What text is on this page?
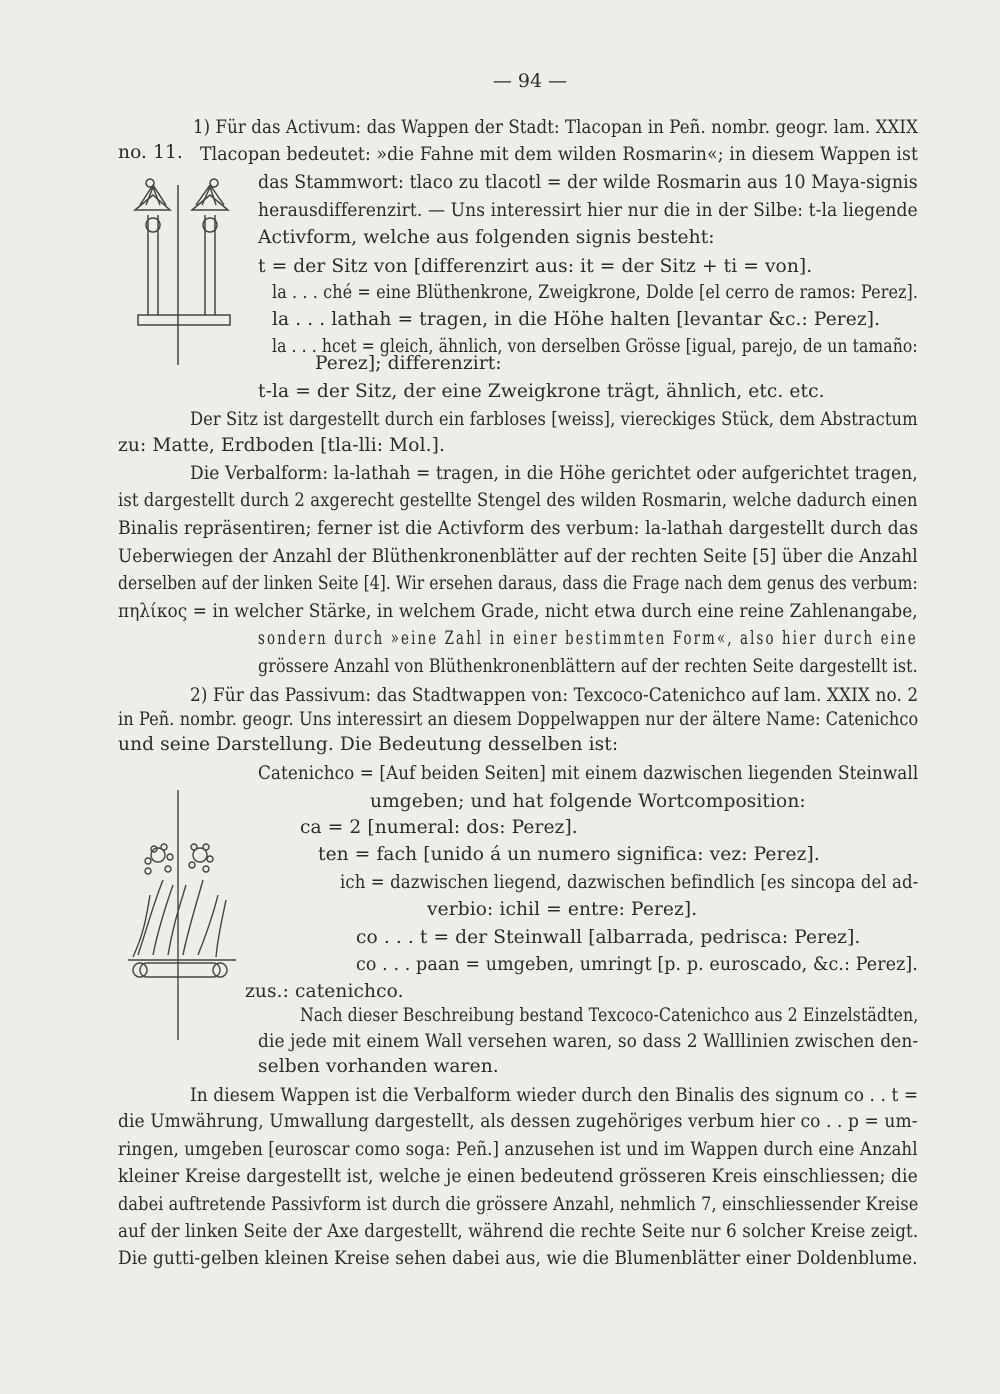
— 94 —
no. 11.
1) Für das Activum: das Wappen der Stadt: Tlacopan in Peñ. nombr. geogr. lam. XXIX
Tlacopan bedeutet: »die Fahne mit dem wilden Rosmarin«; in diesem Wappen ist
das Stammwort: tlaco zu tlacotl = der wilde Rosmarin aus 10 Maya-signis
herausdifferenzirt. — Uns interessirt hier nur die in der Silbe: t-la liegende
Activform, welche aus folgenden signis besteht:
t = der Sitz von [differenzirt aus: it = der Sitz + ti = von].
la . . . ché = eine Blüthenkrone, Zweigkrone, Dolde [el cerro de ramos: Perez].
la . . . lathah = tragen, in die Höhe halten [levantar &c.: Perez].
la . . . hcet = gleich, ähnlich, von derselben Grösse [igual, parejo, de un tamaño:
Perez]; differenzirt:
t-la = der Sitz, der eine Zweigkrone trägt, ähnlich, etc. etc.
Der Sitz ist dargestellt durch ein farbloses [weiss], viereckiges Stück, dem Abstractum
zu: Matte, Erdboden [tla-lli: Mol.].
Die Verbalform: la-lathah = tragen, in die Höhe gerichtet oder aufgerichtet tragen,
ist dargestellt durch 2 axgerecht gestellte Stengel des wilden Rosmarin, welche dadurch einen
Binalis repräsentiren; ferner ist die Activform des verbum: la-lathah dargestellt durch das
Ueberwiegen der Anzahl der Blüthenkronenblätter auf der rechten Seite [5] über die Anzahl
derselben auf der linken Seite [4]. Wir ersehen daraus, dass die Frage nach dem genus des verbum:
πηλίκος = in welcher Stärke, in welchem Grade, nicht etwa durch eine reine Zahlenangabe,
sondern durch »eine Zahl in einer bestimmten Form«, also hier durch eine
grössere Anzahl von Blüthenkronenblättern auf der rechten Seite dargestellt ist.
2) Für das Passivum: das Stadtwappen von: Texcoco-Catenichco auf lam. XXIX no. 2
in Peñ. nombr. geogr. Uns interessirt an diesem Doppelwappen nur der ältere Name: Catenichco
und seine Darstellung. Die Bedeutung desselben ist:
Catenichco = [Auf beiden Seiten] mit einem dazwischen liegenden Steinwall
umgeben; und hat folgende Wortcomposition:
ca = 2 [numeral: dos: Perez].
ten = fach [unido á un numero significa: vez: Perez].
ich = dazwischen liegend, dazwischen befindlich [es sincopa del ad-
verbio: ichil = entre: Perez].
co . . . t = der Steinwall [albarrada, pedrisca: Perez].
co . . . paan = umgeben, umringt [p. p. euroscado, &c.: Perez].
zus.: catenichco.
Nach dieser Beschreibung bestand Texcoco-Catenichco aus 2 Einzelstädten,
die jede mit einem Wall versehen waren, so dass 2 Walllinien zwischen den-
selben vorhanden waren.
In diesem Wappen ist die Verbalform wieder durch den Binalis des signum co . . t =
die Umwährung, Umwallung dargestellt, als dessen zugehöriges verbum hier co . . p = um-
ringen, umgeben [euroscar como soga: Peñ.] anzusehen ist und im Wappen durch eine Anzahl
kleiner Kreise dargestellt ist, welche je einen bedeutend grösseren Kreis einschliessen; die
dabei auftretende Passivform ist durch die grössere Anzahl, nehmlich 7, einschliessender Kreise
auf der linken Seite der Axe dargestellt, während die rechte Seite nur 6 solcher Kreise zeigt.
Die gutti-gelben kleinen Kreise sehen dabei aus, wie die Blumenblätter einer Doldenblume.
